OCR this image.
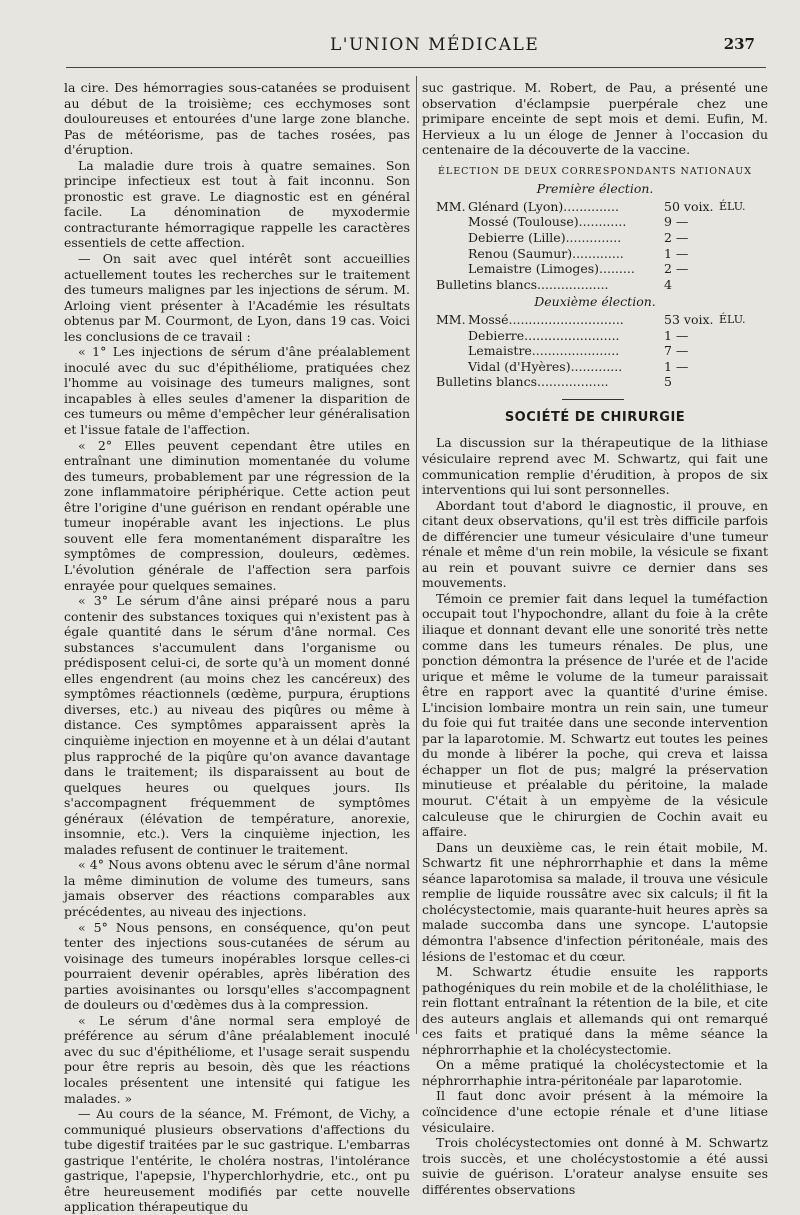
L'UNION MÉDICALE	237

la cire. Des hémorragies sous-catanées se produisent au début de la troisième; ces ecchymoses sont douloureuses et entourées d'une large zone blanche. Pas de météorisme, pas de taches rosées, pas d'éruption.

La maladie dure trois à quatre semaines. Son principe infectieux est tout à fait inconnu. Son pronostic est grave. Le diagnostic est en général facile. La dénomination de myxodermie contracturante hémorragique rappelle les caractères essentiels de cette affection.

— On sait avec quel intérêt sont accueillies actuellement toutes les recherches sur le traitement des tumeurs malignes par les injections de sérum. M. Arloing vient présenter à l'Académie les résultats obtenus par M. Courmont, de Lyon, dans 19 cas. Voici les conclusions de ce travail :

« 1° Les injections de sérum d'âne préalablement inoculé avec du suc d'épithéliome, pratiquées chez l'homme au voisinage des tumeurs malignes, sont incapables à elles seules d'amener la disparition de ces tumeurs ou même d'empêcher leur généralisation et l'issue fatale de l'affection.

« 2° Elles peuvent cependant être utiles en entraînant une diminution momentanée du volume des tumeurs, probablement par une régression de la zone inflammatoire périphérique. Cette action peut être l'origine d'une guérison en rendant opérable une tumeur inopérable avant les injections. Le plus souvent elle fera momentanément disparaître les symptômes de compression, douleurs, œdèmes. L'évolution générale de l'affection sera parfois enrayée pour quelques semaines.

« 3° Le sérum d'âne ainsi préparé nous a paru contenir des substances toxiques qui n'existent pas à égale quantité dans le sérum d'âne normal. Ces substances s'accumulent dans l'organisme ou prédisposent celui-ci, de sorte qu'à un moment donné elles engendrent (au moins chez les cancéreux) des symptômes réactionnels (œdème, purpura, éruptions diverses, etc.) au niveau des piqûres ou même à distance. Ces symptômes apparaissent après la cinquième injection en moyenne et à un délai d'autant plus rapproché de la piqûre qu'on avance davantage dans le traitement; ils disparaissent au bout de quelques heures ou quelques jours. Ils s'accompagnent fréquemment de symptômes généraux (élévation de température, anorexie, insomnie, etc.). Vers la cinquième injection, les malades refusent de continuer le traitement.

« 4° Nous avons obtenu avec le sérum d'âne normal la même diminution de volume des tumeurs, sans jamais observer des réactions comparables aux précédentes, au niveau des injections.

« 5° Nous pensons, en conséquence, qu'on peut tenter des injections sous-cutanées de sérum au voisinage des tumeurs inopérables lorsque celles-ci pourraient devenir opérables, après libération des parties avoisinantes ou lorsqu'elles s'accompagnent de douleurs ou d'œdèmes dus à la compression.

« Le sérum d'âne normal sera employé de préférence au sérum d'âne préalablement inoculé avec du suc d'épithéliome, et l'usage serait suspendu pour être repris au besoin, dès que les réactions locales présentent une intensité qui fatigue les malades. »

— Au cours de la séance, M. Frémont, de Vichy, a communiqué plusieurs observations d'affections du tube digestif traitées par le suc gastrique. L'embarras gastrique l'entérite, le choléra nostras, l'intolérance gastrique, l'apepsie, l'hyperchlorhydrie, etc., ont pu être heureusement modifiés par cette nouvelle application thérapeutique du

suc gastrique. M. Robert, de Pau, a présenté une observation d'éclampsie puerpérale chez une primipare enceinte de sept mois et demi. Eufin, M. Hervieux a lu un éloge de Jenner à l'occasion du centenaire de la découverte de la vaccine.

ÉLECTION DE DEUX CORRESPONDANTS NATIONAUX
Première élection.
MM. Glénard (Lyon)..............	50 voix. ÉLU.
Mossé (Toulouse)............	9 —
Debierre (Lille)..............	2 —
Renou (Saumur).............	1 —
Lemaistre (Limoges)......... 2 —
Bulletins blancs..................	4
Deuxième élection.
MM. Mossé.............................	53 voix. ÉLU.
Debierre........................	1 —
Lemaistre......................	7 —
Vidal (d'Hyères).............	1 —
Bulletins blancs..................	5
SOCIÉTÉ DE CHIRURGIE

La discussion sur la thérapeutique de la lithiase vésiculaire reprend avec M. Schwartz, qui fait une communication remplie d'érudition, à propos de six interventions qui lui sont personnelles.

Abordant tout d'abord le diagnostic, il prouve, en citant deux observations, qu'il est très difficile parfois de différencier une tumeur vésiculaire d'une tumeur rénale et même d'un rein mobile, la vésicule se fixant au rein et pouvant suivre ce dernier dans ses mouvements.

Témoin ce premier fait dans lequel la tuméfaction occupait tout l'hypochondre, allant du foie à la crête iliaque et donnant devant elle une sonorité très nette comme dans les tumeurs rénales. De plus, une ponction démontra la présence de l'urée et de l'acide urique et même le volume de la tumeur paraissait être en rapport avec la quantité d'urine émise. L'incision lombaire montra un rein sain, une tumeur du foie qui fut traitée dans une seconde intervention par la laparotomie. M. Schwartz eut toutes les peines du monde à libérer la poche, qui creva et laissa échapper un flot de pus; malgré la préservation minutieuse et préalable du péritoine, la malade mourut. C'était à un empyème de la vésicule calculeuse que le chirurgien de Cochin avait eu affaire.

Dans un deuxième cas, le rein était mobile, M. Schwartz fit une néphrorrhaphie et dans la même séance laparotomisa sa malade, il trouva une vésicule remplie de liquide roussâtre avec six calculs; il fit la cholécystectomie, mais quarante-huit heures après sa malade succomba dans une syncope. L'autopsie démontra l'absence d'infection péritonéale, mais des lésions de l'estomac et du cœur.

M. Schwartz étudie ensuite les rapports pathogéniques du rein mobile et de la cholélithiase, le rein flottant entraînant la rétention de la bile, et cite des auteurs anglais et allemands qui ont remarqué ces faits et pratiqué dans la même séance la néphrorrhaphie et la cholécystectomie.

On a même pratiqué la cholécystectomie et la néphrorrhaphie intra-péritonéale par laparotomie.

Il faut donc avoir présent à la mémoire la coïncidence d'une ectopie rénale et d'une litiase vésiculaire.

Trois cholécystectomies ont donné à M. Schwartz trois succès, et une cholécystostomie a été aussi suivie de guérison. L'orateur analyse ensuite ses différentes observations
